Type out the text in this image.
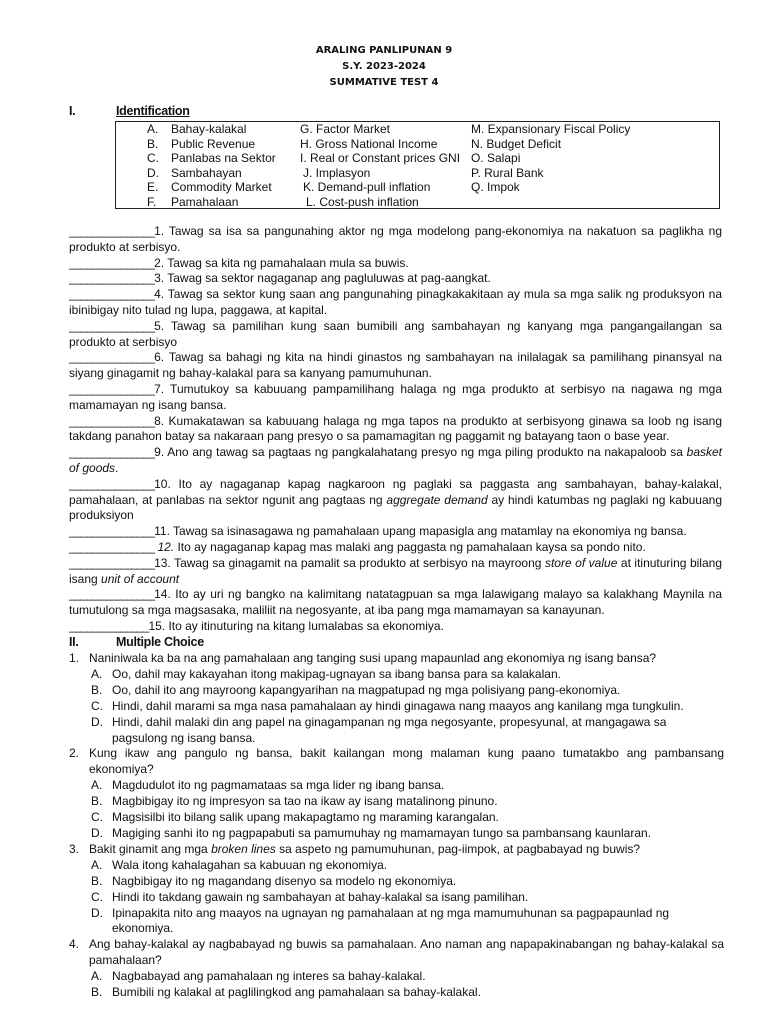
ARALING PANLIPUNAN 9
S.Y. 2023-2024
SUMMATIVE TEST 4
I.	Identification
A. Bahay-kalakal
B. Public Revenue
C. Panlabas na Sektor
D. Sambahayan
E. Commodity Market
F. Pamahalaan
G. Factor Market
H. Gross National Income
I. Real or Constant prices GNI
J. Implasyon
K. Demand-pull inflation
L. Cost-push inflation
M. Expansionary Fiscal Policy
N. Budget Deficit
O. Salapi
P. Rural Bank
Q. Impok

_______________1. Tawag sa isa sa pangunahing aktor ng mga modelong pang-ekonomiya na nakatuon sa paglikha ng produkto at serbisyo.

_______________2. Tawag sa kita ng pamahalaan mula sa buwis.

_______________3. Tawag sa sektor nagaganap ang pagluluwas at pag-aangkat.

_______________4. Tawag sa sektor kung saan ang pangunahing pinagkakakitaan ay mula sa mga salik ng produksyon na ibinibigay nito tulad ng lupa, paggawa, at kapital.

_______________5. Tawag sa pamilihan kung saan bumibili ang sambahayan ng kanyang mga pangangailangan sa produkto at serbisyo

_______________6. Tawag sa bahagi ng kita na hindi ginastos ng sambahayan na inilalagak sa pamilihang pinansyal na siyang ginagamit ng bahay-kalakal para sa kanyang pamumuhunan.

_______________7. Tumutukoy sa kabuuang pampamilihang halaga ng mga produkto at serbisyo na nagawa ng mga mamamayan ng isang bansa.

_______________8. Kumakatawan sa kabuuang halaga ng mga tapos na produkto at serbisyong ginawa sa loob ng isang takdang panahon batay sa nakaraan pang presyo o sa pamamagitan ng paggamit ng batayang taon o base year.

_______________9. Ano ang tawag sa pagtaas ng pangkalahatang presyo ng mga piling produkto na nakapaloob sa basket of goods.

_______________10. Ito ay nagaganap kapag nagkaroon ng paglaki sa paggasta ang sambahayan, bahay-kalakal, pamahalaan, at panlabas na sektor ngunit ang pagtaas ng aggregate demand ay hindi katumbas ng paglaki ng kabuuang produksiyon

_______________11. Tawag sa isinasagawa ng pamahalaan upang mapasigla ang matamlay na ekonomiya ng bansa.

_______________ 12. Ito ay nagaganap kapag mas malaki ang paggasta ng pamahalaan kaysa sa pondo nito.

_______________13. Tawag sa ginagamit na pamalit sa produkto at serbisyo na mayroong store of value at itinuturing bilang isang unit of account

_______________14. Ito ay uri ng bangko na kalimitang natatagpuan sa mga lalawigang malayo sa kalakhang Maynila na tumutulong sa mga magsasaka, maliliit na negosyante, at iba pang mga mamamayan sa kanayunan.

______________15. Ito ay itinuturing na kitang lumalabas sa ekonomiya.

II.	Multiple Choice
1. Naniniwala ka ba na ang pamahalaan ang tanging susi upang mapaunlad ang ekonomiya ng isang bansa?
A. Oo, dahil may kakayahan itong makipag-ugnayan sa ibang bansa para sa kalakalan.
B. Oo, dahil ito ang mayroong kapangyarihan na magpatupad ng mga polisiyang pang-ekonomiya.
C. Hindi, dahil marami sa mga nasa pamahalaan ay hindi ginagawa nang maayos ang kanilang mga tungkulin.
D. Hindi, dahil malaki din ang papel na ginagampanan ng mga negosyante, propesyunal, at mangagawa sa pagsulong ng isang bansa.
2. Kung ikaw ang pangulo ng bansa, bakit kailangan mong malaman kung paano tumatakbo ang pambansang ekonomiya?
A. Magdudulot ito ng pagmamataas sa mga lider ng ibang bansa.
B. Magbibigay ito ng impresyon sa tao na ikaw ay isang matalinong pinuno.
C. Magsisilbi ito bilang salik upang makapagtamo ng maraming karangalan.
D. Magiging sanhi ito ng pagpapabuti sa pamumuhay ng mamamayan tungo sa pambansang kaunlaran.
3. Bakit ginamit ang mga broken lines sa aspeto ng pamumuhunan, pag-iimpok, at pagbabayad ng buwis?
A. Wala itong kahalagahan sa kabuuan ng ekonomiya.
B. Nagbibigay ito ng magandang disenyo sa modelo ng ekonomiya.
C. Hindi ito takdang gawain ng sambahayan at bahay-kalakal sa isang pamilihan.
D. Ipinapakita nito ang maayos na ugnayan ng pamahalaan at ng mga mamumuhunan sa pagpapaunlad ng ekonomiya.
4. Ang bahay-kalakal ay nagbabayad ng buwis sa pamahalaan. Ano naman ang napapakinabangan ng bahay-kalakal sa pamahalaan?
A. Nagbabayad ang pamahalaan ng interes sa bahay-kalakal.
B. Bumibili ng kalakal at paglilingkod ang pamahalaan sa bahay-kalakal.
